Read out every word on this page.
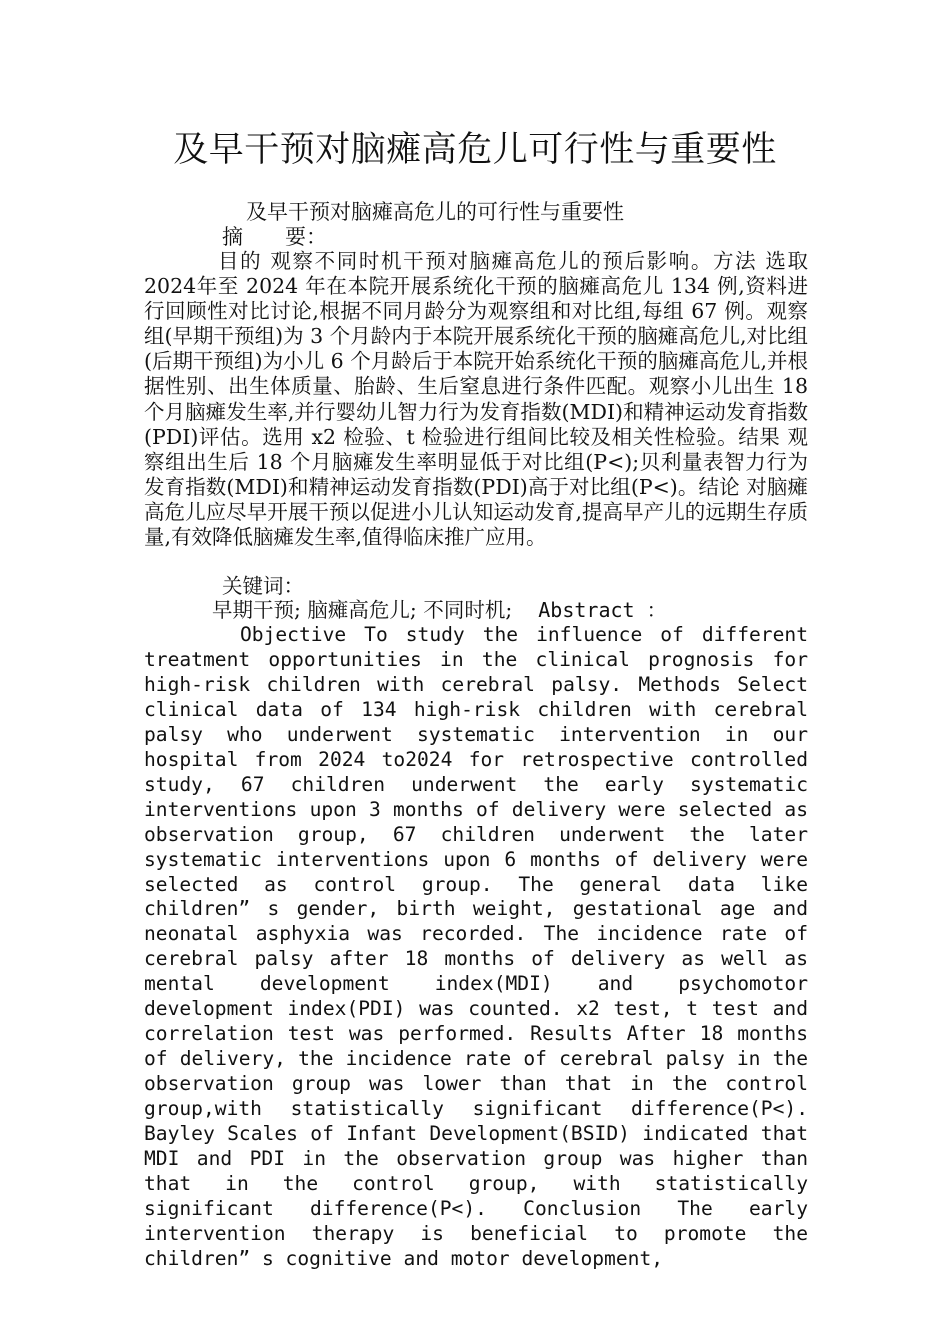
及早干预对脑瘫高危儿可行性与重要性

及早干预对脑瘫高危儿的可行性与重要性

摘　　要：

目的 观察不同时机干预对脑瘫高危儿的预后影响。方法 选取 2024年至 2024 年在本院开展系统化干预的脑瘫高危儿 134 例,资料进行回顾性对比讨论,根据不同月龄分为观察组和对比组,每组 67 例。观察组(早期干预组)为 3 个月龄内于本院开展系统化干预的脑瘫高危儿,对比组(后期干预组)为小儿 6 个月龄后于本院开始系统化干预的脑瘫高危儿,并根据性别、出生体质量、胎龄、生后窒息进行条件匹配。观察小儿出生 18 个月脑瘫发生率,并行婴幼儿智力行为发育指数(MDI)和精神运动发育指数(PDI)评估。选用 x2 检验、t 检验进行组间比较及相关性检验。结果 观察组出生后 18 个月脑瘫发生率明显低于对比组(P<);贝利量表智力行为发育指数(MDI)和精神运动发育指数(PDI)高于对比组(P<)。结论 对脑瘫高危儿应尽早开展干预以促进小儿认知运动发育,提高早产儿的远期生存质量,有效降低脑瘫发生率,值得临床推广应用。

关键词：

早期干预; 脑瘫高危儿; 不同时机; Abstract ：

Objective To study the influence of different treatment opportunities in the clinical prognosis for high-risk children with cerebral palsy. Methods Select clinical data of 134 high-risk children with cerebral palsy who underwent systematic intervention in our hospital from 2024 to2024 for retrospective controlled study, 67 children underwent the early systematic interventions upon 3 months of delivery were selected as observation group, 67 children underwent the later systematic interventions upon 6 months of delivery were selected as control group. The general data like children” s gender, birth weight, gestational age and neonatal asphyxia was recorded. The incidence rate of cerebral palsy after 18 months of delivery as well as mental development index(MDI) and psychomotor development index(PDI) was counted. x2 test, t test and correlation test was performed. Results After 18 months of delivery, the incidence rate of cerebral palsy in the observation group was lower than that in the control group,with statistically significant difference(P<). Bayley Scales of Infant Development(BSID) indicated that MDI and PDI in the observation group was higher than that in the control group, with statistically significant difference(P<). Conclusion The early intervention therapy is beneficial to promote the children” s cognitive and motor development,
